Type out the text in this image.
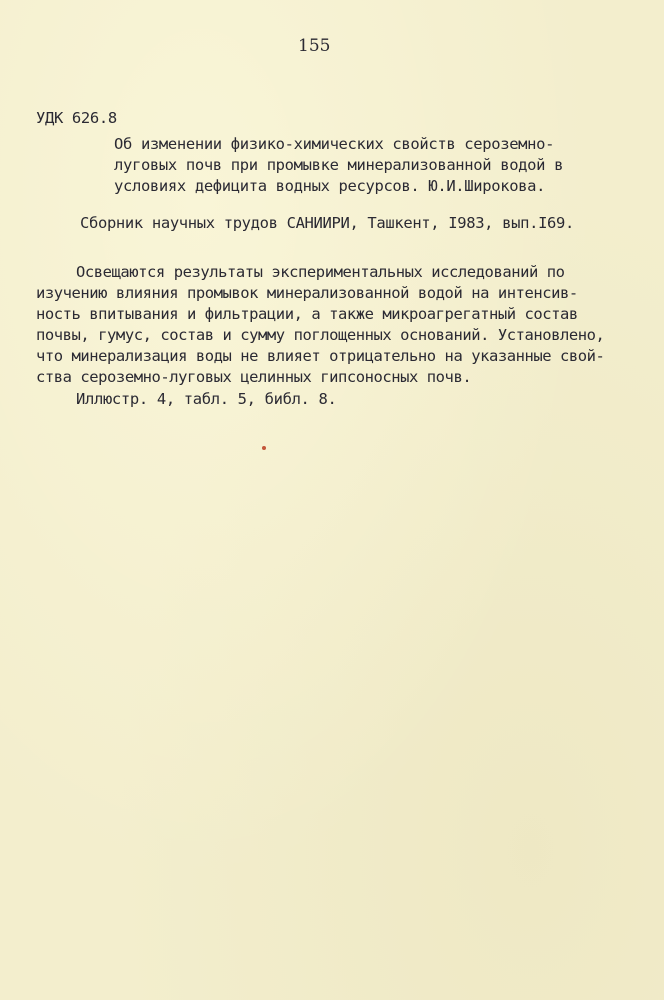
155
УДК 626.8
Об изменении физико-химических свойств сероземно-
луговых почв при промывке минерализованной водой в
условиях дефицита водных ресурсов. Ю.И.Широкова.
Сборник научных трудов САНИИРИ, Ташкент, I983, вып.I69.
Освещаются результаты экспериментальных исследований по
изучению влияния промывок минерализованной водой на интенсив-
ность впитывания и фильтрации, а также микроагрегатный состав
почвы, гумус, состав и сумму поглощенных оснований. Установлено,
что минерализация воды не влияет отрицательно на указанные свой-
ства сероземно-луговых целинных гипсоносных почв.
Иллюстр. 4, табл. 5, библ. 8.
